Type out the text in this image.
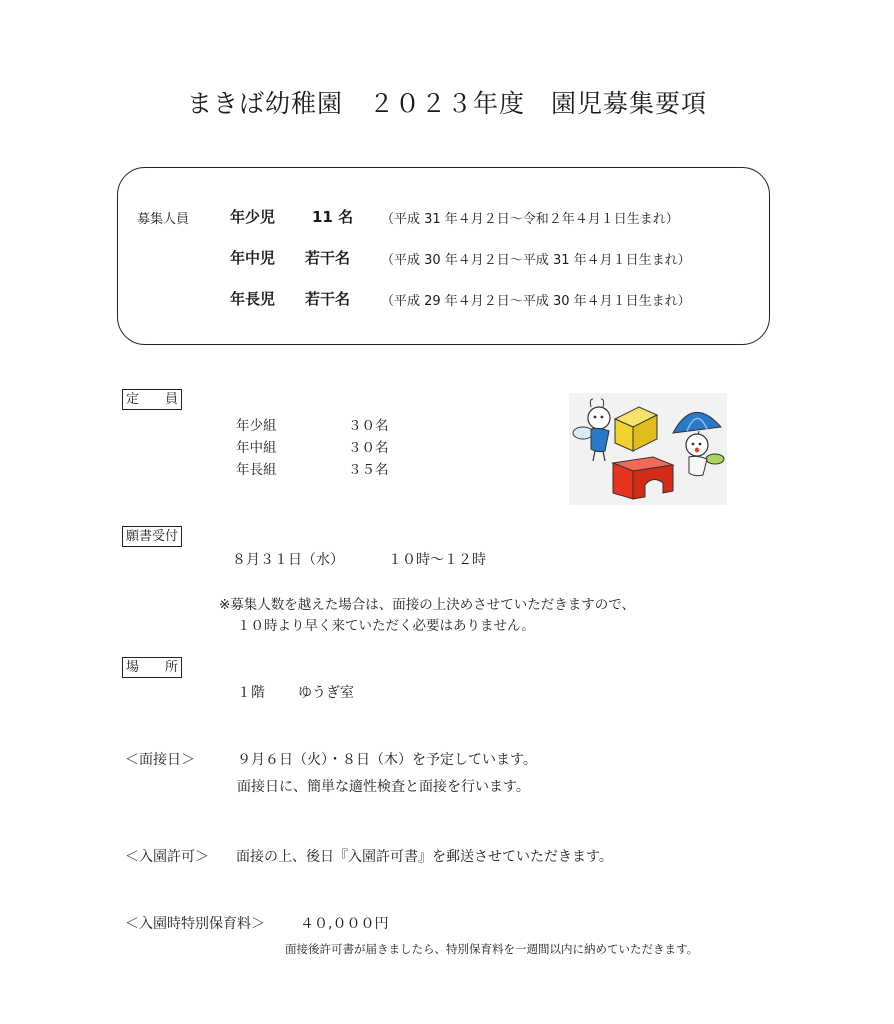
まきば幼稚園　２０２３年度　園児募集要項
募集人員	年少児 11 名 （平成 31 年４月２日～令和２年４月１日生まれ）
年中児 若干名 （平成 30 年４月２日～平成 31 年４月１日生まれ）
年長児 若干名 （平成 29 年４月２日～平成 30 年４月１日生まれ）
定　　員
年少組	３０名
年中組	３０名
年長組	３５名
願書受付
８月３１日（水）	１０時～１２時
※募集人数を越えた場合は、面接の上決めさせていただきますので、
１０時より早く来ていただく必要はありません。
場　　所
１階 ゆうぎ室
＜面接日＞	９月６日（火）・８日（木）を予定しています。
面接日に、簡単な適性検査と面接を行います。
＜入園許可＞ 面接の上、後日『入園許可書』を郵送させていただきます。
＜入園時特別保育料＞	４０,０００円
面接後許可書が届きましたら、特別保育料を一週間以内に納めていただきます。
